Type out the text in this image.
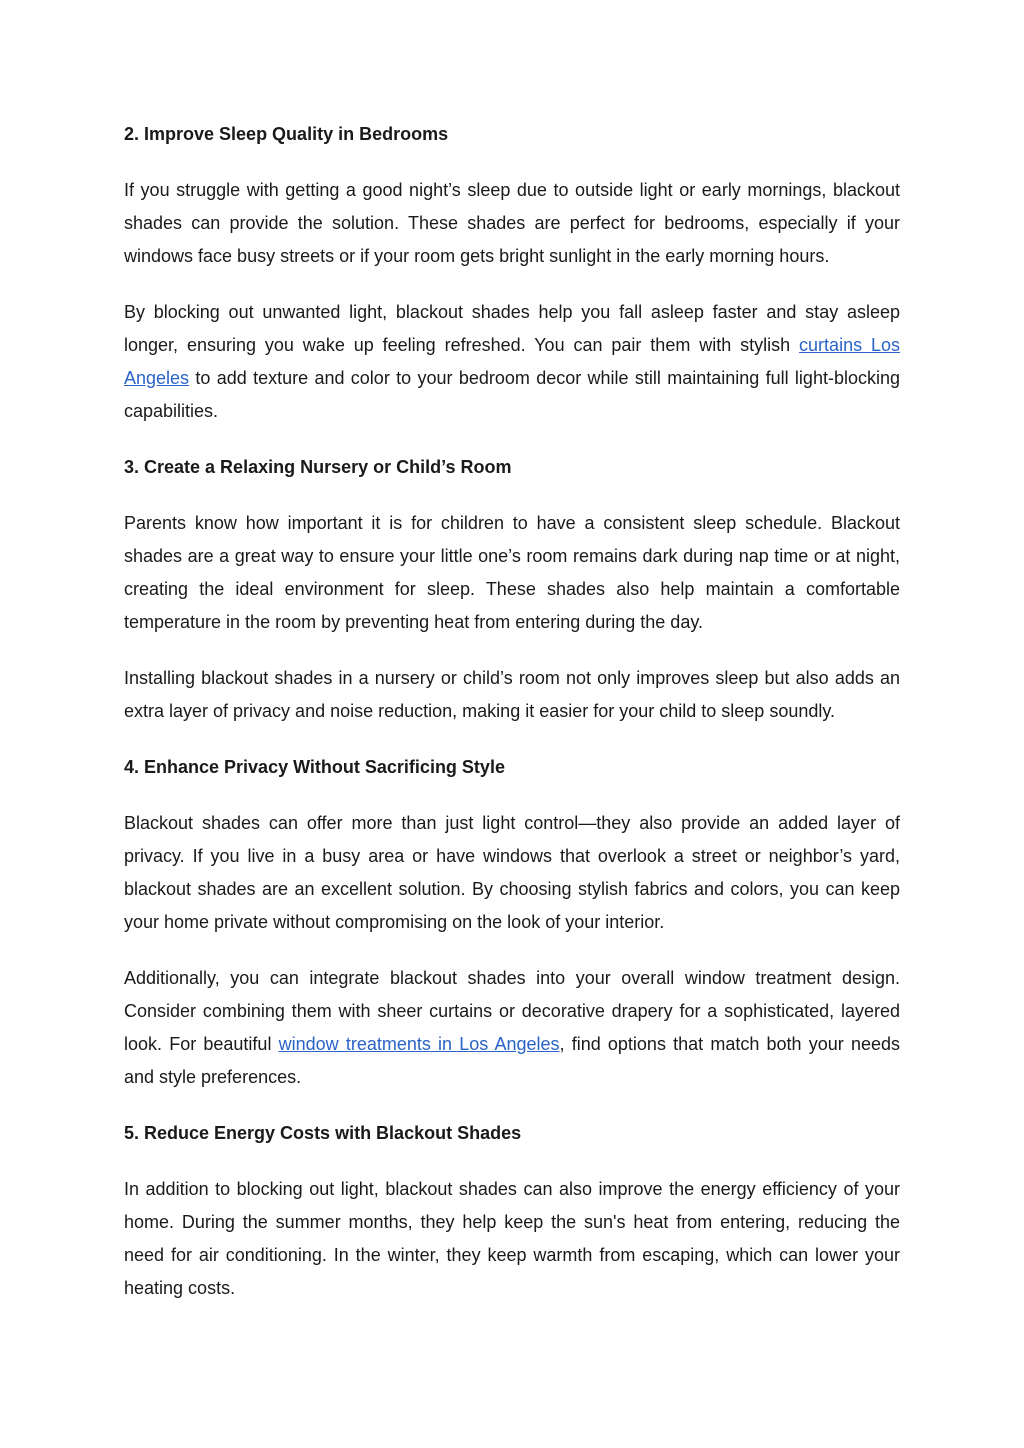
2. Improve Sleep Quality in Bedrooms

If you struggle with getting a good night’s sleep due to outside light or early mornings, blackout shades can provide the solution. These shades are perfect for bedrooms, especially if your windows face busy streets or if your room gets bright sunlight in the early morning hours.

By blocking out unwanted light, blackout shades help you fall asleep faster and stay asleep longer, ensuring you wake up feeling refreshed. You can pair them with stylish curtains Los Angeles to add texture and color to your bedroom decor while still maintaining full light-blocking capabilities.

3. Create a Relaxing Nursery or Child’s Room

Parents know how important it is for children to have a consistent sleep schedule. Blackout shades are a great way to ensure your little one’s room remains dark during nap time or at night, creating the ideal environment for sleep. These shades also help maintain a comfortable temperature in the room by preventing heat from entering during the day.

Installing blackout shades in a nursery or child’s room not only improves sleep but also adds an extra layer of privacy and noise reduction, making it easier for your child to sleep soundly.

4. Enhance Privacy Without Sacrificing Style

Blackout shades can offer more than just light control—they also provide an added layer of privacy. If you live in a busy area or have windows that overlook a street or neighbor’s yard, blackout shades are an excellent solution. By choosing stylish fabrics and colors, you can keep your home private without compromising on the look of your interior.

Additionally, you can integrate blackout shades into your overall window treatment design. Consider combining them with sheer curtains or decorative drapery for a sophisticated, layered look. For beautiful window treatments in Los Angeles, find options that match both your needs and style preferences.

5. Reduce Energy Costs with Blackout Shades

In addition to blocking out light, blackout shades can also improve the energy efficiency of your home. During the summer months, they help keep the sun's heat from entering, reducing the need for air conditioning. In the winter, they keep warmth from escaping, which can lower your heating costs.
